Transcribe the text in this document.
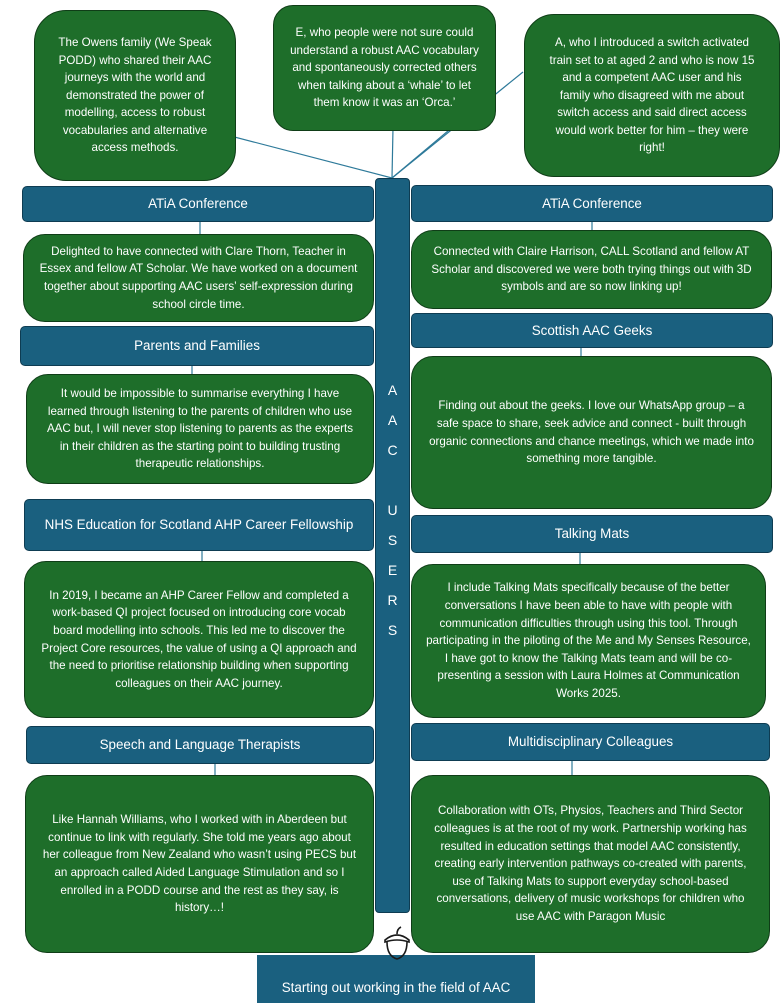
The Owens family (We Speak PODD) who shared their AAC journeys with the world and demonstrated the power of modelling, access to robust vocabularies and alternative access methods.
E, who people were not sure could understand a robust AAC vocabulary and spontaneously corrected others when talking about a ‘whale’ to let them know it was an ‘Orca.’
A, who I introduced a switch activated train set to at aged 2 and who is now 15 and a competent AAC user and his family who disagreed with me about switch access and said direct access would work better for him – they were right!
A
A
C
U
S
E
R
S
ATiA Conference
Delighted to have connected with Clare Thorn, Teacher in Essex and fellow AT Scholar. We have worked on a document together about supporting AAC users’ self-expression during school circle time.
Parents and Families
It would be impossible to summarise everything I have learned through listening to the parents of children who use AAC but, I will never stop listening to parents as the experts in their children as the starting point to building trusting therapeutic relationships.
NHS Education for Scotland AHP Career Fellowship
In 2019, I became an AHP Career Fellow and completed a work-based QI project focused on introducing core vocab board modelling into schools. This led me to discover the Project Core resources, the value of using a QI approach and the need to prioritise relationship building when supporting colleagues on their AAC journey.
Speech and Language Therapists
Like Hannah Williams, who I worked with in Aberdeen but continue to link with regularly. She told me years ago about her colleague from New Zealand who wasn’t using PECS but an approach called Aided Language Stimulation and so I enrolled in a PODD course and the rest as they say, is history…!
ATiA Conference
Connected with Claire Harrison, CALL Scotland and fellow AT Scholar and discovered we were both trying things out with 3D symbols and are so now linking up!
Scottish AAC Geeks
Finding out about the geeks. I love our WhatsApp group – a safe space to share, seek advice and connect - built through organic connections and chance meetings, which we made into something more tangible.
Talking Mats
I include Talking Mats specifically because of the better conversations I have been able to have with people with communication difficulties through using this tool. Through participating in the piloting of the Me and My Senses Resource, I have got to know the Talking Mats team and will be co-presenting a session with Laura Holmes at Communication Works 2025.
Multidisciplinary Colleagues
Collaboration with OTs, Physios, Teachers and Third Sector colleagues is at the root of my work. Partnership working has resulted in education settings that model AAC consistently, creating early intervention pathways co-created with parents, use of Talking Mats to support everyday school-based conversations, delivery of music workshops for children who use AAC with Paragon Music
Starting out working in the field of AAC
